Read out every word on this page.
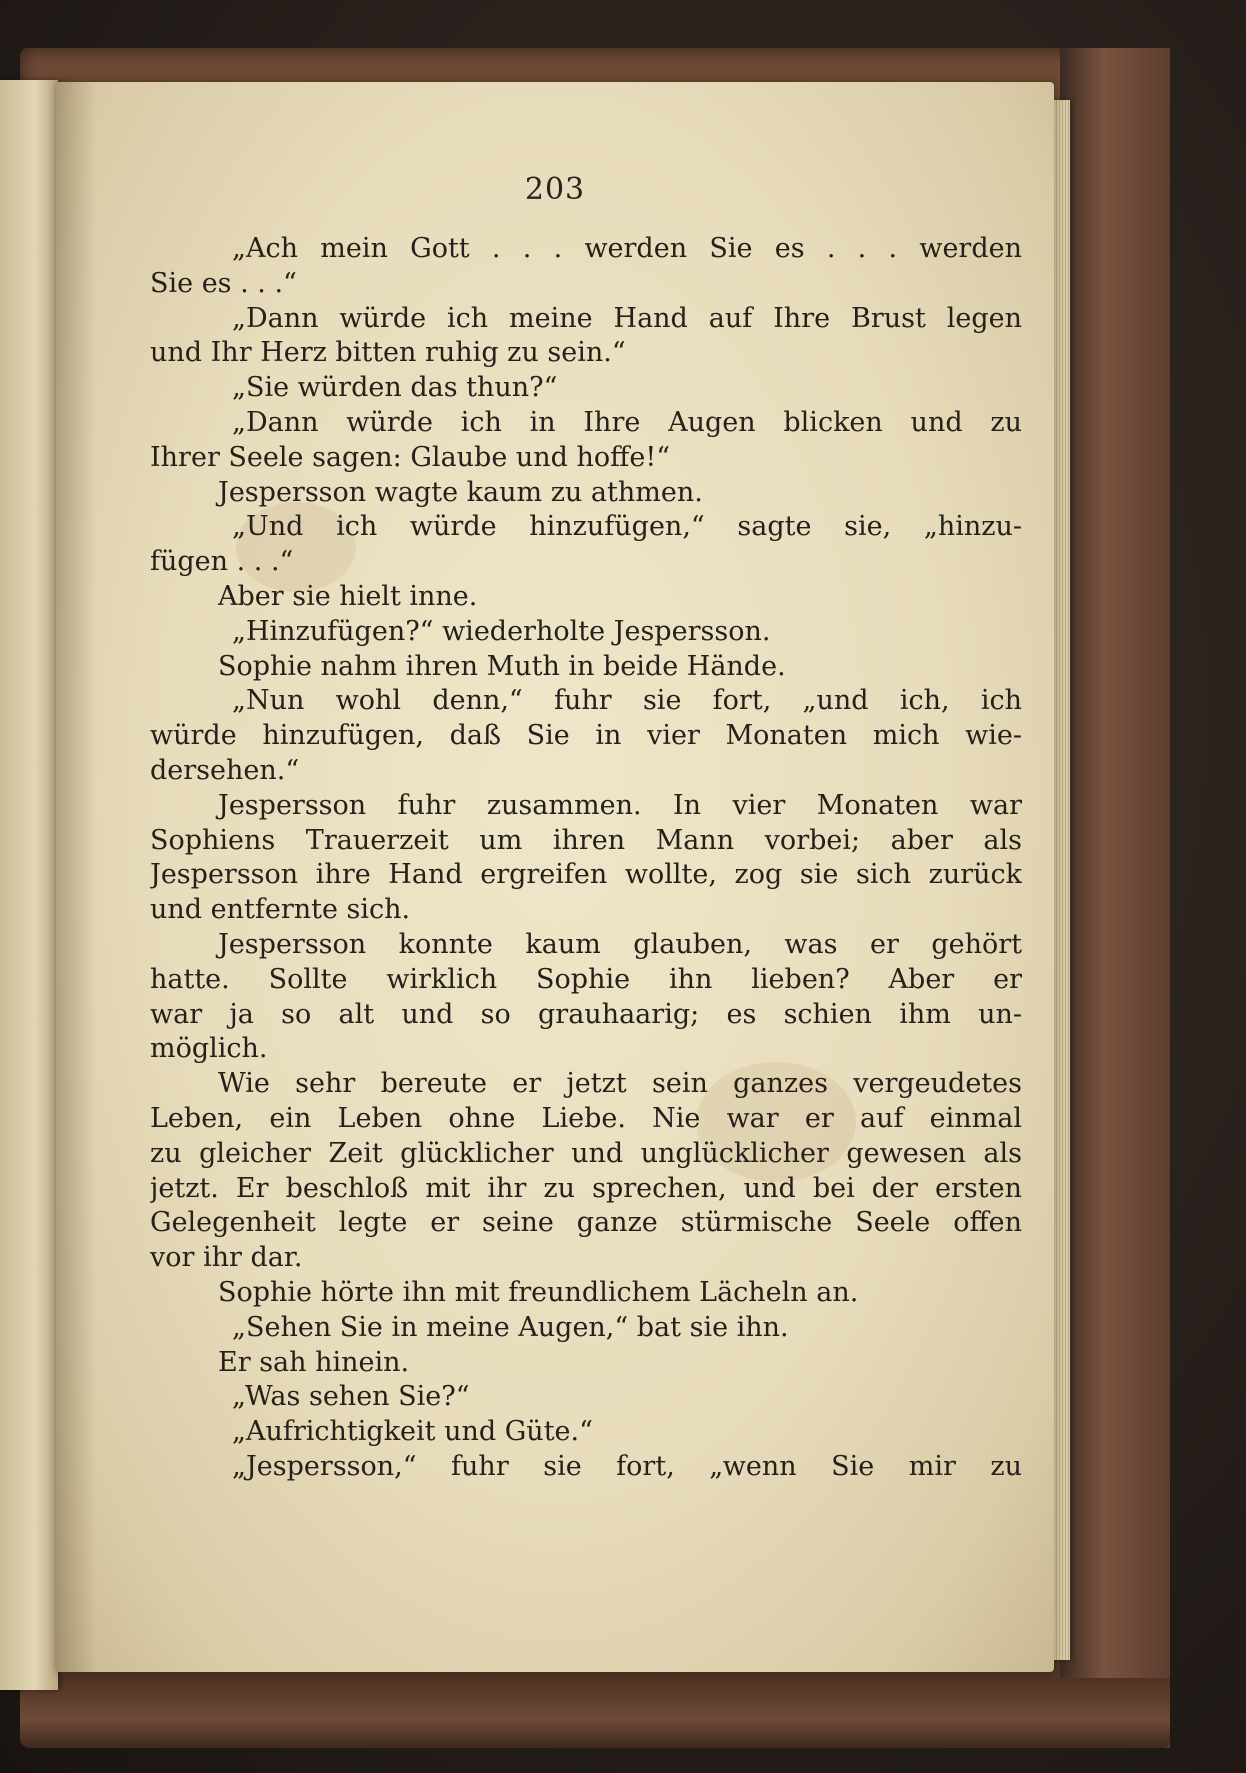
203
„Ach mein Gott . . . werden Sie es . . . werden
Sie es . . .“
„Dann würde ich meine Hand auf Ihre Brust legen
und Ihr Herz bitten ruhig zu sein.“
„Sie würden das thun?“
„Dann würde ich in Ihre Augen blicken und zu
Ihrer Seele sagen: Glaube und hoffe!“
Jespersson wagte kaum zu athmen.
„Und ich würde hinzufügen,“ sagte sie, „hinzu-
fügen . . .“
Aber sie hielt inne.
„Hinzufügen?“ wiederholte Jespersson.
Sophie nahm ihren Muth in beide Hände.
„Nun wohl denn,“ fuhr sie fort, „und ich, ich
würde hinzufügen, daß Sie in vier Monaten mich wie-
dersehen.“
Jespersson fuhr zusammen. In vier Monaten war
Sophiens Trauerzeit um ihren Mann vorbei; aber als
Jespersson ihre Hand ergreifen wollte, zog sie sich zurück
und entfernte sich.
Jespersson konnte kaum glauben, was er gehört
hatte. Sollte wirklich Sophie ihn lieben? Aber er
war ja so alt und so grauhaarig; es schien ihm un-
möglich.
Wie sehr bereute er jetzt sein ganzes vergeudetes
Leben, ein Leben ohne Liebe. Nie war er auf einmal
zu gleicher Zeit glücklicher und unglücklicher gewesen als
jetzt. Er beschloß mit ihr zu sprechen, und bei der ersten
Gelegenheit legte er seine ganze stürmische Seele offen
vor ihr dar.
Sophie hörte ihn mit freundlichem Lächeln an.
„Sehen Sie in meine Augen,“ bat sie ihn.
Er sah hinein.
„Was sehen Sie?“
„Aufrichtigkeit und Güte.“
„Jespersson,“ fuhr sie fort, „wenn Sie mir zu
